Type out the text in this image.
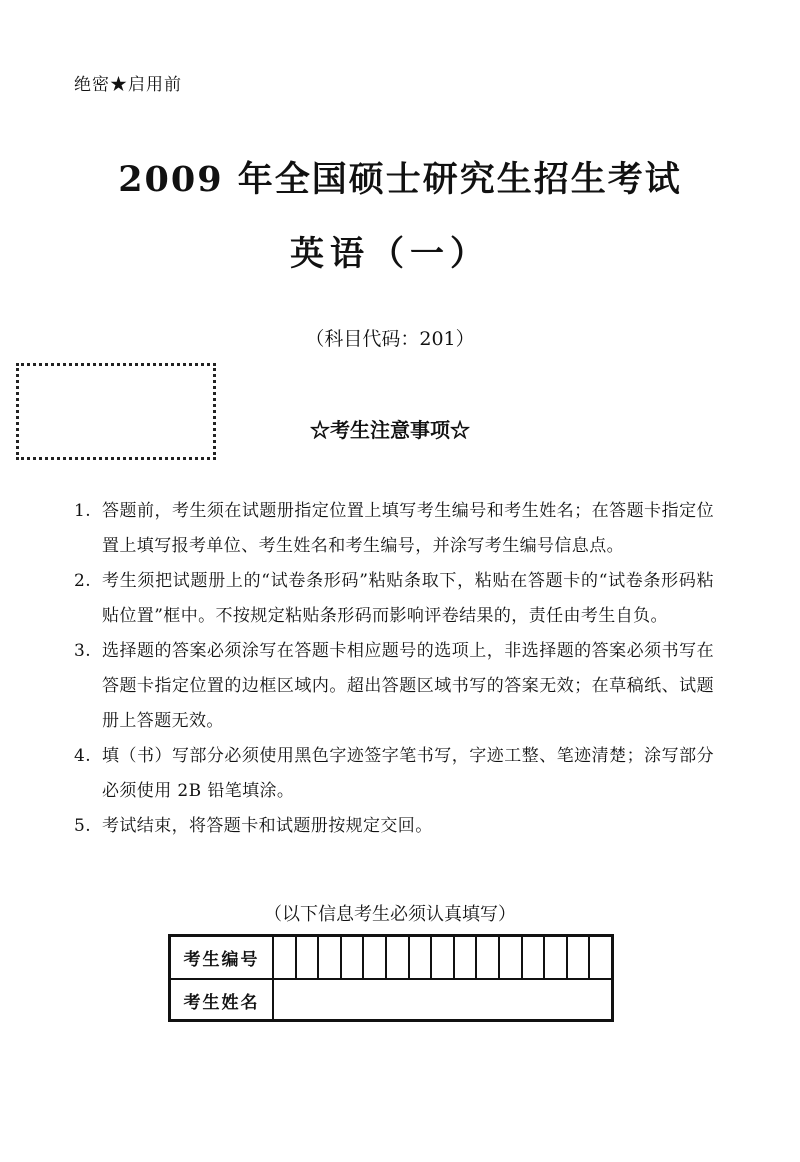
绝密★启用前
2009 年全国硕士研究生招生考试
英语（一）
（科目代码：201）
☆考生注意事项☆
1. 答题前，考生须在试题册指定位置上填写考生编号和考生姓名；在答题卡指定位置上填写报考单位、考生姓名和考生编号，并涂写考生编号信息点。
2. 考生须把试题册上的“试卷条形码”粘贴条取下，粘贴在答题卡的“试卷条形码粘贴位置”框中。不按规定粘贴条形码而影响评卷结果的，责任由考生自负。
3. 选择题的答案必须涂写在答题卡相应题号的选项上，非选择题的答案必须书写在答题卡指定位置的边框区域内。超出答题区域书写的答案无效；在草稿纸、试题册上答题无效。
4. 填（书）写部分必须使用黑色字迹签字笔书写，字迹工整、笔迹清楚；涂写部分必须使用 2B 铅笔填涂。
5. 考试结束，将答题卡和试题册按规定交回。
（以下信息考生必须认真填写）
考生编号
考生姓名
